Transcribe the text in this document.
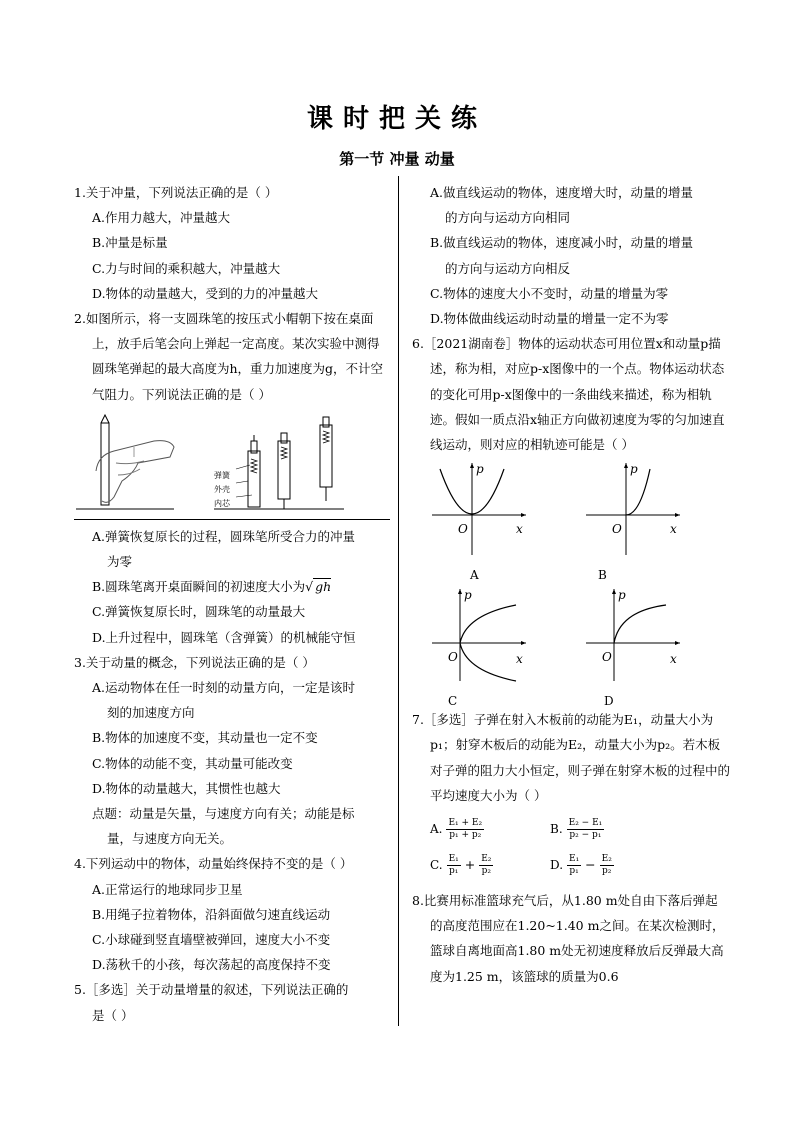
课时把关练
第一节 冲量 动量
1.关于冲量，下列说法正确的是（ ）
A.作用力越大，冲量越大
B.冲量是标量
C.力与时间的乘积越大，冲量越大
D.物体的动量越大，受到的力的冲量越大
2.如图所示，将一支圆珠笔的按压式小帽朝下按在桌面上，放手后笔会向上弹起一定高度。某次实验中测得圆珠笔弹起的最大高度为h，重力加速度为g，不计空气阻力。下列说法正确的是（ ）
弹簧
外壳
内芯
A.弹簧恢复原长的过程，圆珠笔所受合力的冲量
为零
B.圆珠笔离开桌面瞬间的初速度大小为√ gh
C.弹簧恢复原长时，圆珠笔的动量最大
D.上升过程中，圆珠笔（含弹簧）的机械能守恒
3.关于动量的概念，下列说法正确的是（ ）
A.运动物体在任一时刻的动量方向，一定是该时
刻的加速度方向
B.物体的加速度不变，其动量也一定不变
C.物体的动能不变，其动量可能改变
D.物体的动量越大，其惯性也越大
点题：动量是矢量，与速度方向有关；动能是标
量，与速度方向无关。
4.下列运动中的物体，动量始终保持不变的是（ ）
A.正常运行的地球同步卫星
B.用绳子拉着物体，沿斜面做匀速直线运动
C.小球碰到竖直墙壁被弹回，速度大小不变
D.荡秋千的小孩，每次荡起的高度保持不变
5.［多选］关于动量增量的叙述，下列说法正确的
是（ ）
A.做直线运动的物体，速度增大时，动量的增量
的方向与运动方向相同
B.做直线运动的物体，速度减小时，动量的增量
的方向与运动方向相反
C.物体的速度大小不变时，动量的增量为零
D.物体做曲线运动时动量的增量一定不为零
6.［2021湖南卷］物体的运动状态可用位置x和动量p描述，称为相，对应p-x图像中的一个点。物体运动状态的变化可用p-x图像中的一条曲线来描述，称为相轨迹。假如一质点沿x轴正方向做初速度为零的匀加速直线运动，则对应的相轨迹可能是（ ）
p
x
O
A
p
x
O
B
p
x
O
C
p
x
O
D
7.［多选］子弹在射入木板前的动能为E₁，动量大小为p₁；射穿木板后的动能为E₂，动量大小为p₂。若木板对子弹的阻力大小恒定，则子弹在射穿木板的过程中的平均速度大小为（ ）
A. $\frac{\text{E₁ + E₂}}{\text{p₁ + p₂}}$	B. $\frac{\text{E₂ − E₁}}{\text{p₂ − p₁}}$
C. $\frac{\text{E₁}}{\text{p₁}} + \frac{\text{E₂}}{\text{p₂}}$	D. $\frac{\text{E₁}}{\text{p₁}} - \frac{\text{E₂}}{\text{p₂}}$
8.比赛用标准篮球充气后，从1.80 m处自由下落后弹起的高度范围应在1.20~1.40 m之间。在某次检测时，篮球自离地面高1.80 m处无初速度释放后反弹最大高度为1.25 m，该篮球的质量为0.6
